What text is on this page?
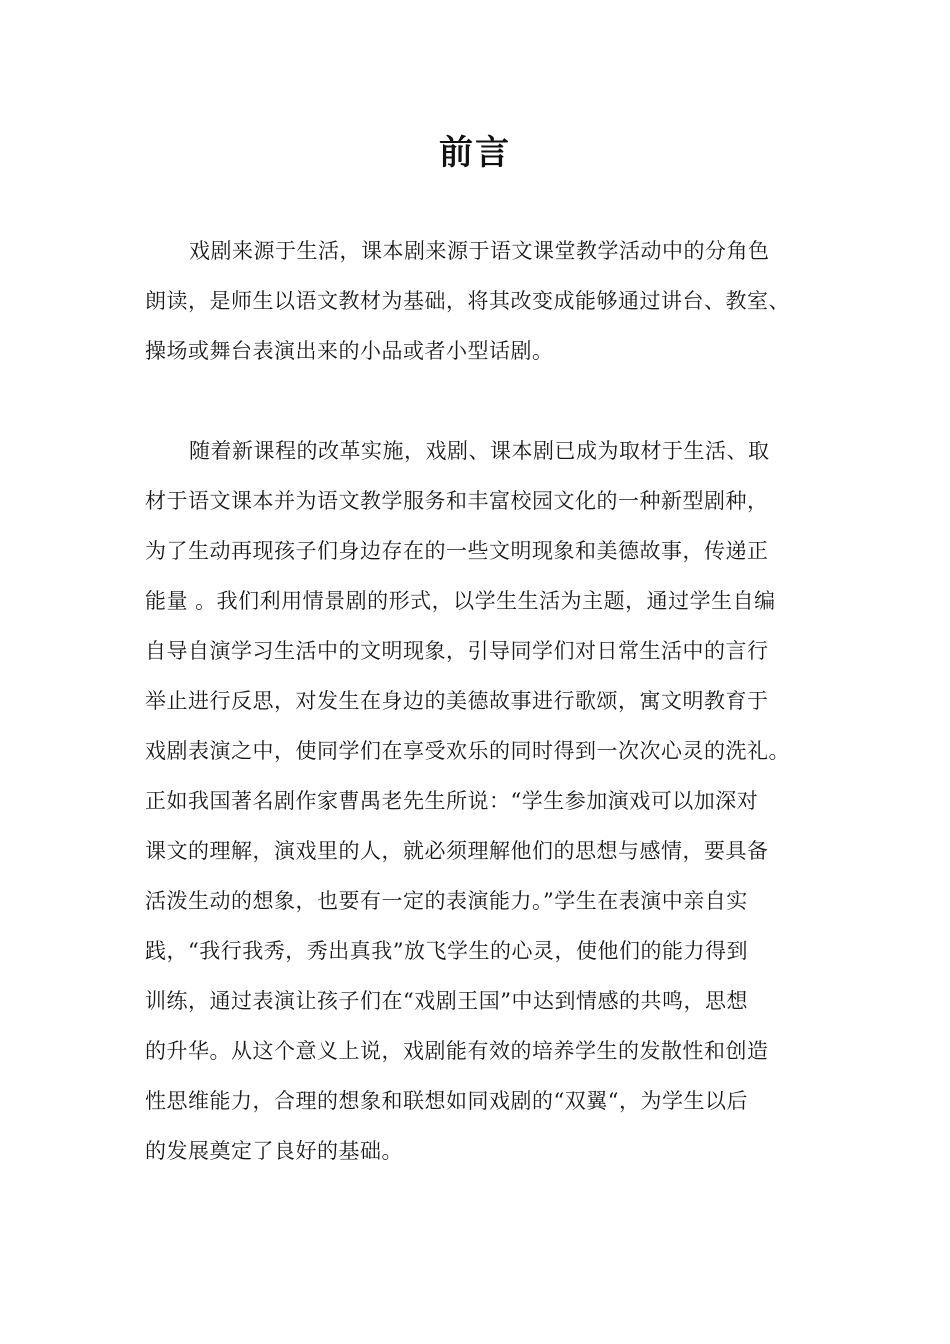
前言
戏剧来源于生活，课本剧来源于语文课堂教学活动中的分角色
朗读，是师生以语文教材为基础，将其改变成能够通过讲台、教室、
操场或舞台表演出来的小品或者小型话剧。
随着新课程的改革实施，戏剧、课本剧已成为取材于生活、取
材于语文课本并为语文教学服务和丰富校园文化的一种新型剧种，
为了生动再现孩子们身边存在的一些文明现象和美德故事，传递正
能量 。我们利用情景剧的形式，以学生生活为主题，通过学生自编
自导自演学习生活中的文明现象，引导同学们对日常生活中的言行
举止进行反思，对发生在身边的美德故事进行歌颂，寓文明教育于
戏剧表演之中，使同学们在享受欢乐的同时得到一次次心灵的洗礼。
正如我国著名剧作家曹禺老先生所说：“学生参加演戏可以加深对
课文的理解，演戏里的人，就必须理解他们的思想与感情，要具备
活泼生动的想象，也要有一定的表演能力。”学生在表演中亲自实
践，“我行我秀，秀出真我”放飞学生的心灵，使他们的能力得到
训练，通过表演让孩子们在“戏剧王国”中达到情感的共鸣，思想
的升华。从这个意义上说，戏剧能有效的培养学生的发散性和创造
性思维能力，合理的想象和联想如同戏剧的“双翼“，为学生以后
的发展奠定了良好的基础。
